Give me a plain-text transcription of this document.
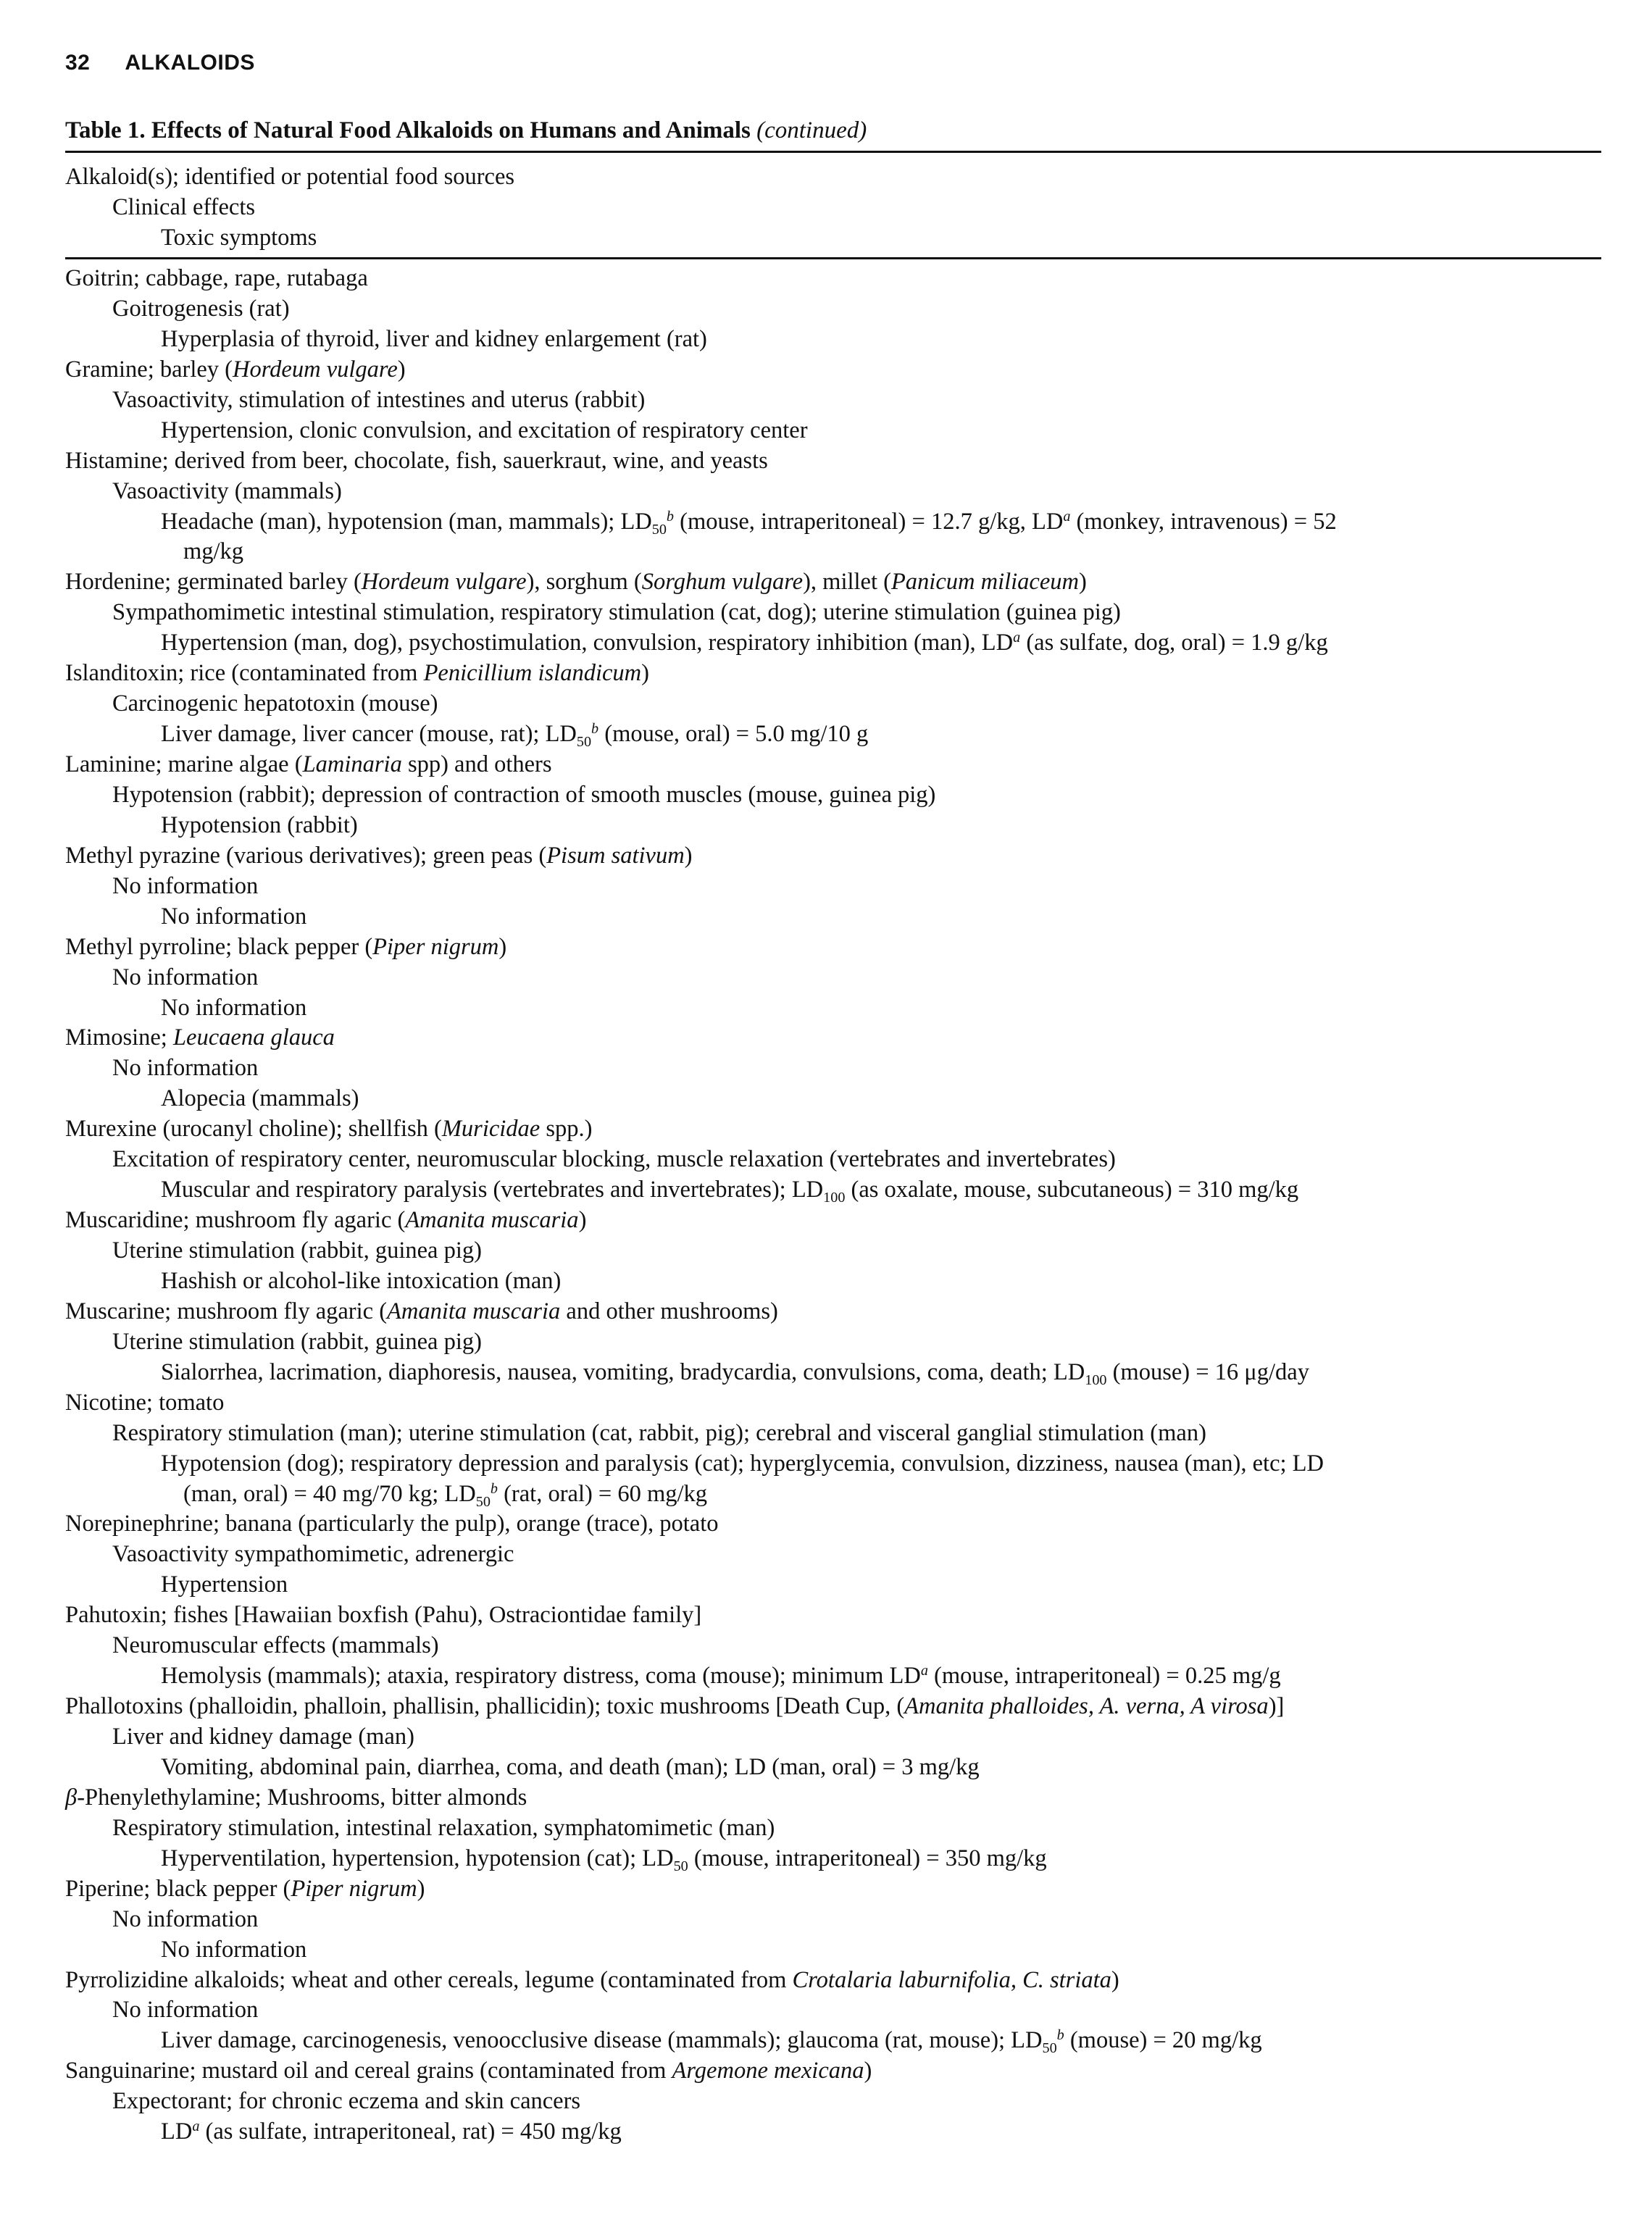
32 ALKALOIDS
Table 1. Effects of Natural Food Alkaloids on Humans and Animals (continued)
Alkaloid(s); identified or potential food sources
Clinical effects
Toxic symptoms
Goitrin; cabbage, rape, rutabaga
Goitrogenesis (rat)
Hyperplasia of thyroid, liver and kidney enlargement (rat)
Gramine; barley (Hordeum vulgare)
Vasoactivity, stimulation of intestines and uterus (rabbit)
Hypertension, clonic convulsion, and excitation of respiratory center
Histamine; derived from beer, chocolate, fish, sauerkraut, wine, and yeasts
Vasoactivity (mammals)
Headache (man), hypotension (man, mammals); $LD_{50}^b$ (mouse, intraperitoneal) = 12.7 g/kg, $LD^a$ (monkey, intravenous) = 52
mg/kg
Hordenine; germinated barley (Hordeum vulgare), sorghum (Sorghum vulgare), millet (Panicum miliaceum)
Sympathomimetic intestinal stimulation, respiratory stimulation (cat, dog); uterine stimulation (guinea pig)
Hypertension (man, dog), psychostimulation, convulsion, respiratory inhibition (man), $LD^a$ (as sulfate, dog, oral) = 1.9 g/kg
Islanditoxin; rice (contaminated from Penicillium islandicum)
Carcinogenic hepatotoxin (mouse)
Liver damage, liver cancer (mouse, rat); $LD_{50}^b$ (mouse, oral) = 5.0 mg/10 g
Laminine; marine algae (Laminaria spp) and others
Hypotension (rabbit); depression of contraction of smooth muscles (mouse, guinea pig)
Hypotension (rabbit)
Methyl pyrazine (various derivatives); green peas (Pisum sativum)
No information
No information
Methyl pyrroline; black pepper (Piper nigrum)
No information
No information
Mimosine; Leucaena glauca
No information
Alopecia (mammals)
Murexine (urocanyl choline); shellfish (Muricidae spp.)
Excitation of respiratory center, neuromuscular blocking, muscle relaxation (vertebrates and invertebrates)
Muscular and respiratory paralysis (vertebrates and invertebrates); $LD_{100}$ (as oxalate, mouse, subcutaneous) = 310 mg/kg
Muscaridine; mushroom fly agaric (Amanita muscaria)
Uterine stimulation (rabbit, guinea pig)
Hashish or alcohol-like intoxication (man)
Muscarine; mushroom fly agaric (Amanita muscaria and other mushrooms)
Uterine stimulation (rabbit, guinea pig)
Sialorrhea, lacrimation, diaphoresis, nausea, vomiting, bradycardia, convulsions, coma, death; $LD_{100}$ (mouse) = 16 μg/day
Nicotine; tomato
Respiratory stimulation (man); uterine stimulation (cat, rabbit, pig); cerebral and visceral ganglial stimulation (man)
Hypotension (dog); respiratory depression and paralysis (cat); hyperglycemia, convulsion, dizziness, nausea (man), etc; LD
(man, oral) = 40 mg/70 kg; $LD_{50}^b$ (rat, oral) = 60 mg/kg
Norepinephrine; banana (particularly the pulp), orange (trace), potato
Vasoactivity sympathomimetic, adrenergic
Hypertension
Pahutoxin; fishes [Hawaiian boxfish (Pahu), Ostraciontidae family]
Neuromuscular effects (mammals)
Hemolysis (mammals); ataxia, respiratory distress, coma (mouse); minimum $LD^a$ (mouse, intraperitoneal) = 0.25 mg/g
Phallotoxins (phalloidin, phalloin, phallisin, phallicidin); toxic mushrooms [Death Cup, (Amanita phalloides, A. verna, A virosa)]
Liver and kidney damage (man)
Vomiting, abdominal pain, diarrhea, coma, and death (man); LD (man, oral) = 3 mg/kg
β-Phenylethylamine; Mushrooms, bitter almonds
Respiratory stimulation, intestinal relaxation, symphatomimetic (man)
Hyperventilation, hypertension, hypotension (cat); $LD_{50}$ (mouse, intraperitoneal) = 350 mg/kg
Piperine; black pepper (Piper nigrum)
No information
No information
Pyrrolizidine alkaloids; wheat and other cereals, legume (contaminated from Crotalaria laburnifolia, C. striata)
No information
Liver damage, carcinogenesis, venoocclusive disease (mammals); glaucoma (rat, mouse); $LD_{50}^b$ (mouse) = 20 mg/kg
Sanguinarine; mustard oil and cereal grains (contaminated from Argemone mexicana)
Expectorant; for chronic eczema and skin cancers
$LD^a$ (as sulfate, intraperitoneal, rat) = 450 mg/kg
